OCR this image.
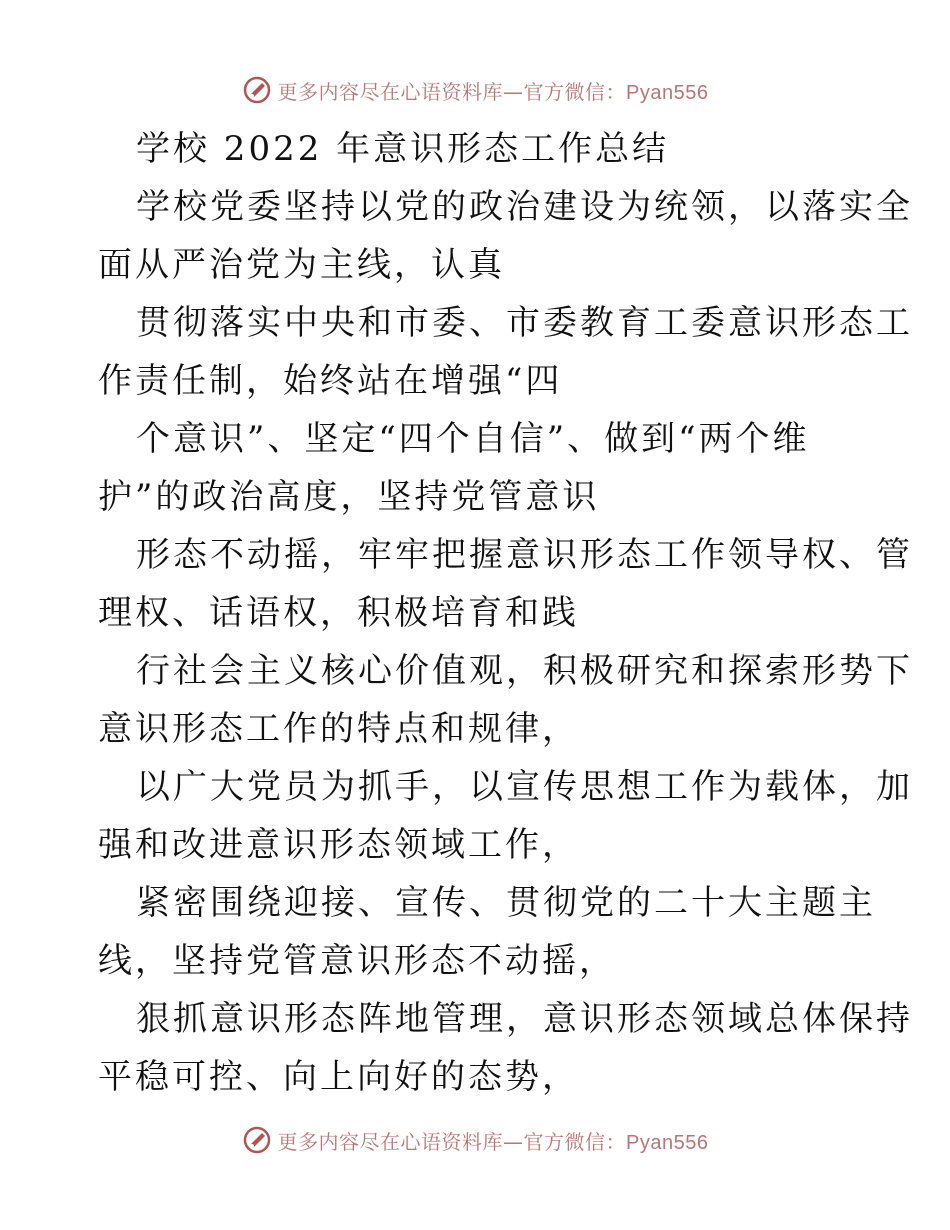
更多内容尽在心语资料库—官方微信：Pyan556
学校 2022 年意识形态工作总结
学校党委坚持以党的政治建设为统领，以落实全
面从严治党为主线，认真
贯彻落实中央和市委、市委教育工委意识形态工
作责任制，始终站在增强“四
个意识”、坚定“四个自信”、做到“两个维
护”的政治高度，坚持党管意识
形态不动摇，牢牢把握意识形态工作领导权、管
理权、话语权，积极培育和践
行社会主义核心价值观，积极研究和探索形势下
意识形态工作的特点和规律，
以广大党员为抓手，以宣传思想工作为载体，加
强和改进意识形态领域工作，
紧密围绕迎接、宣传、贯彻党的二十大主题主
线，坚持党管意识形态不动摇，
狠抓意识形态阵地管理，意识形态领域总体保持
平稳可控、向上向好的态势，
更多内容尽在心语资料库—官方微信：Pyan556
